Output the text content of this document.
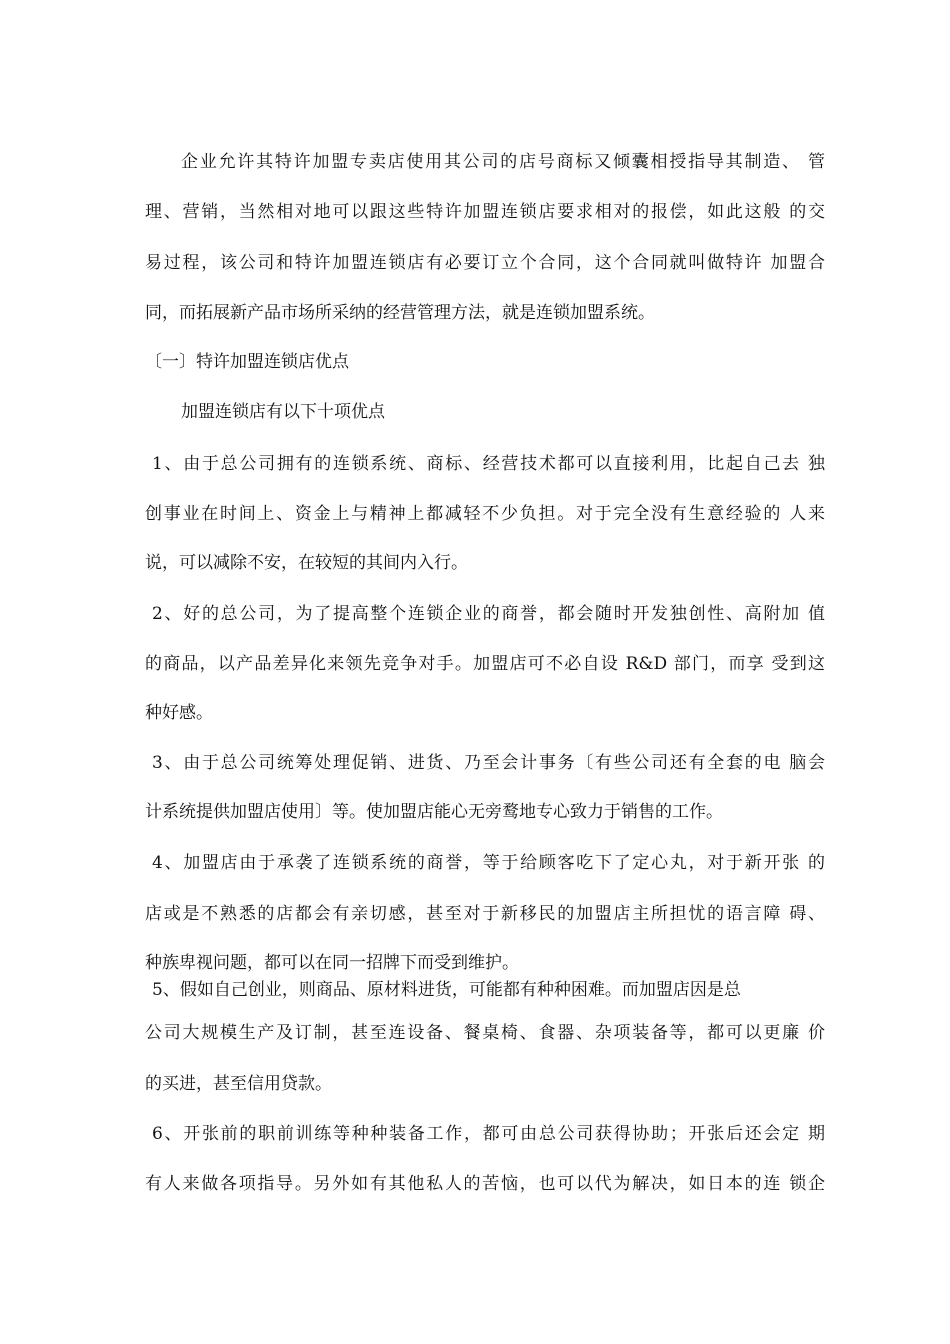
企业允许其特许加盟专卖店使用其公司的店号商标又倾囊相授指导其制造、 管
理、营销，当然相对地可以跟这些特许加盟连锁店要求相对的报偿，如此这般 的交
易过程，该公司和特许加盟连锁店有必要订立个合同，这个合同就叫做特许 加盟合
同，而拓展新产品市场所采纳的经营管理方法，就是连锁加盟系统。
〔一〕特许加盟连锁店优点
加盟连锁店有以下十项优点
1、由于总公司拥有的连锁系统、商标、经营技术都可以直接利用，比起自己去 独
创事业在时间上、资金上与精神上都减轻不少负担。对于完全没有生意经验的 人来
说，可以减除不安，在较短的其间内入行。
2、好的总公司，为了提高整个连锁企业的商誉，都会随时开发独创性、高附加 值
的商品，以产品差异化来领先竞争对手。加盟店可不必自设 R&D 部门，而享 受到这
种好感。
3、由于总公司统筹处理促销、进货、乃至会计事务〔有些公司还有全套的电 脑会
计系统提供加盟店使用〕等。使加盟店能心无旁鹜地专心致力于销售的工作。
4、加盟店由于承袭了连锁系统的商誉，等于给顾客吃下了定心丸，对于新开张 的
店或是不熟悉的店都会有亲切感，甚至对于新移民的加盟店主所担忧的语言障 碍、
种族卑视问题，都可以在同一招牌下而受到维护。
5、假如自己创业，则商品、原材料进货，可能都有种种困难。而加盟店因是总
公司大规模生产及订制，甚至连设备、餐桌椅、食器、杂项装备等，都可以更廉 价
的买进，甚至信用贷款。
6、开张前的职前训练等种种装备工作，都可由总公司获得协助；开张后还会定 期
有人来做各项指导。另外如有其他私人的苦恼，也可以代为解决，如日本的连 锁企
